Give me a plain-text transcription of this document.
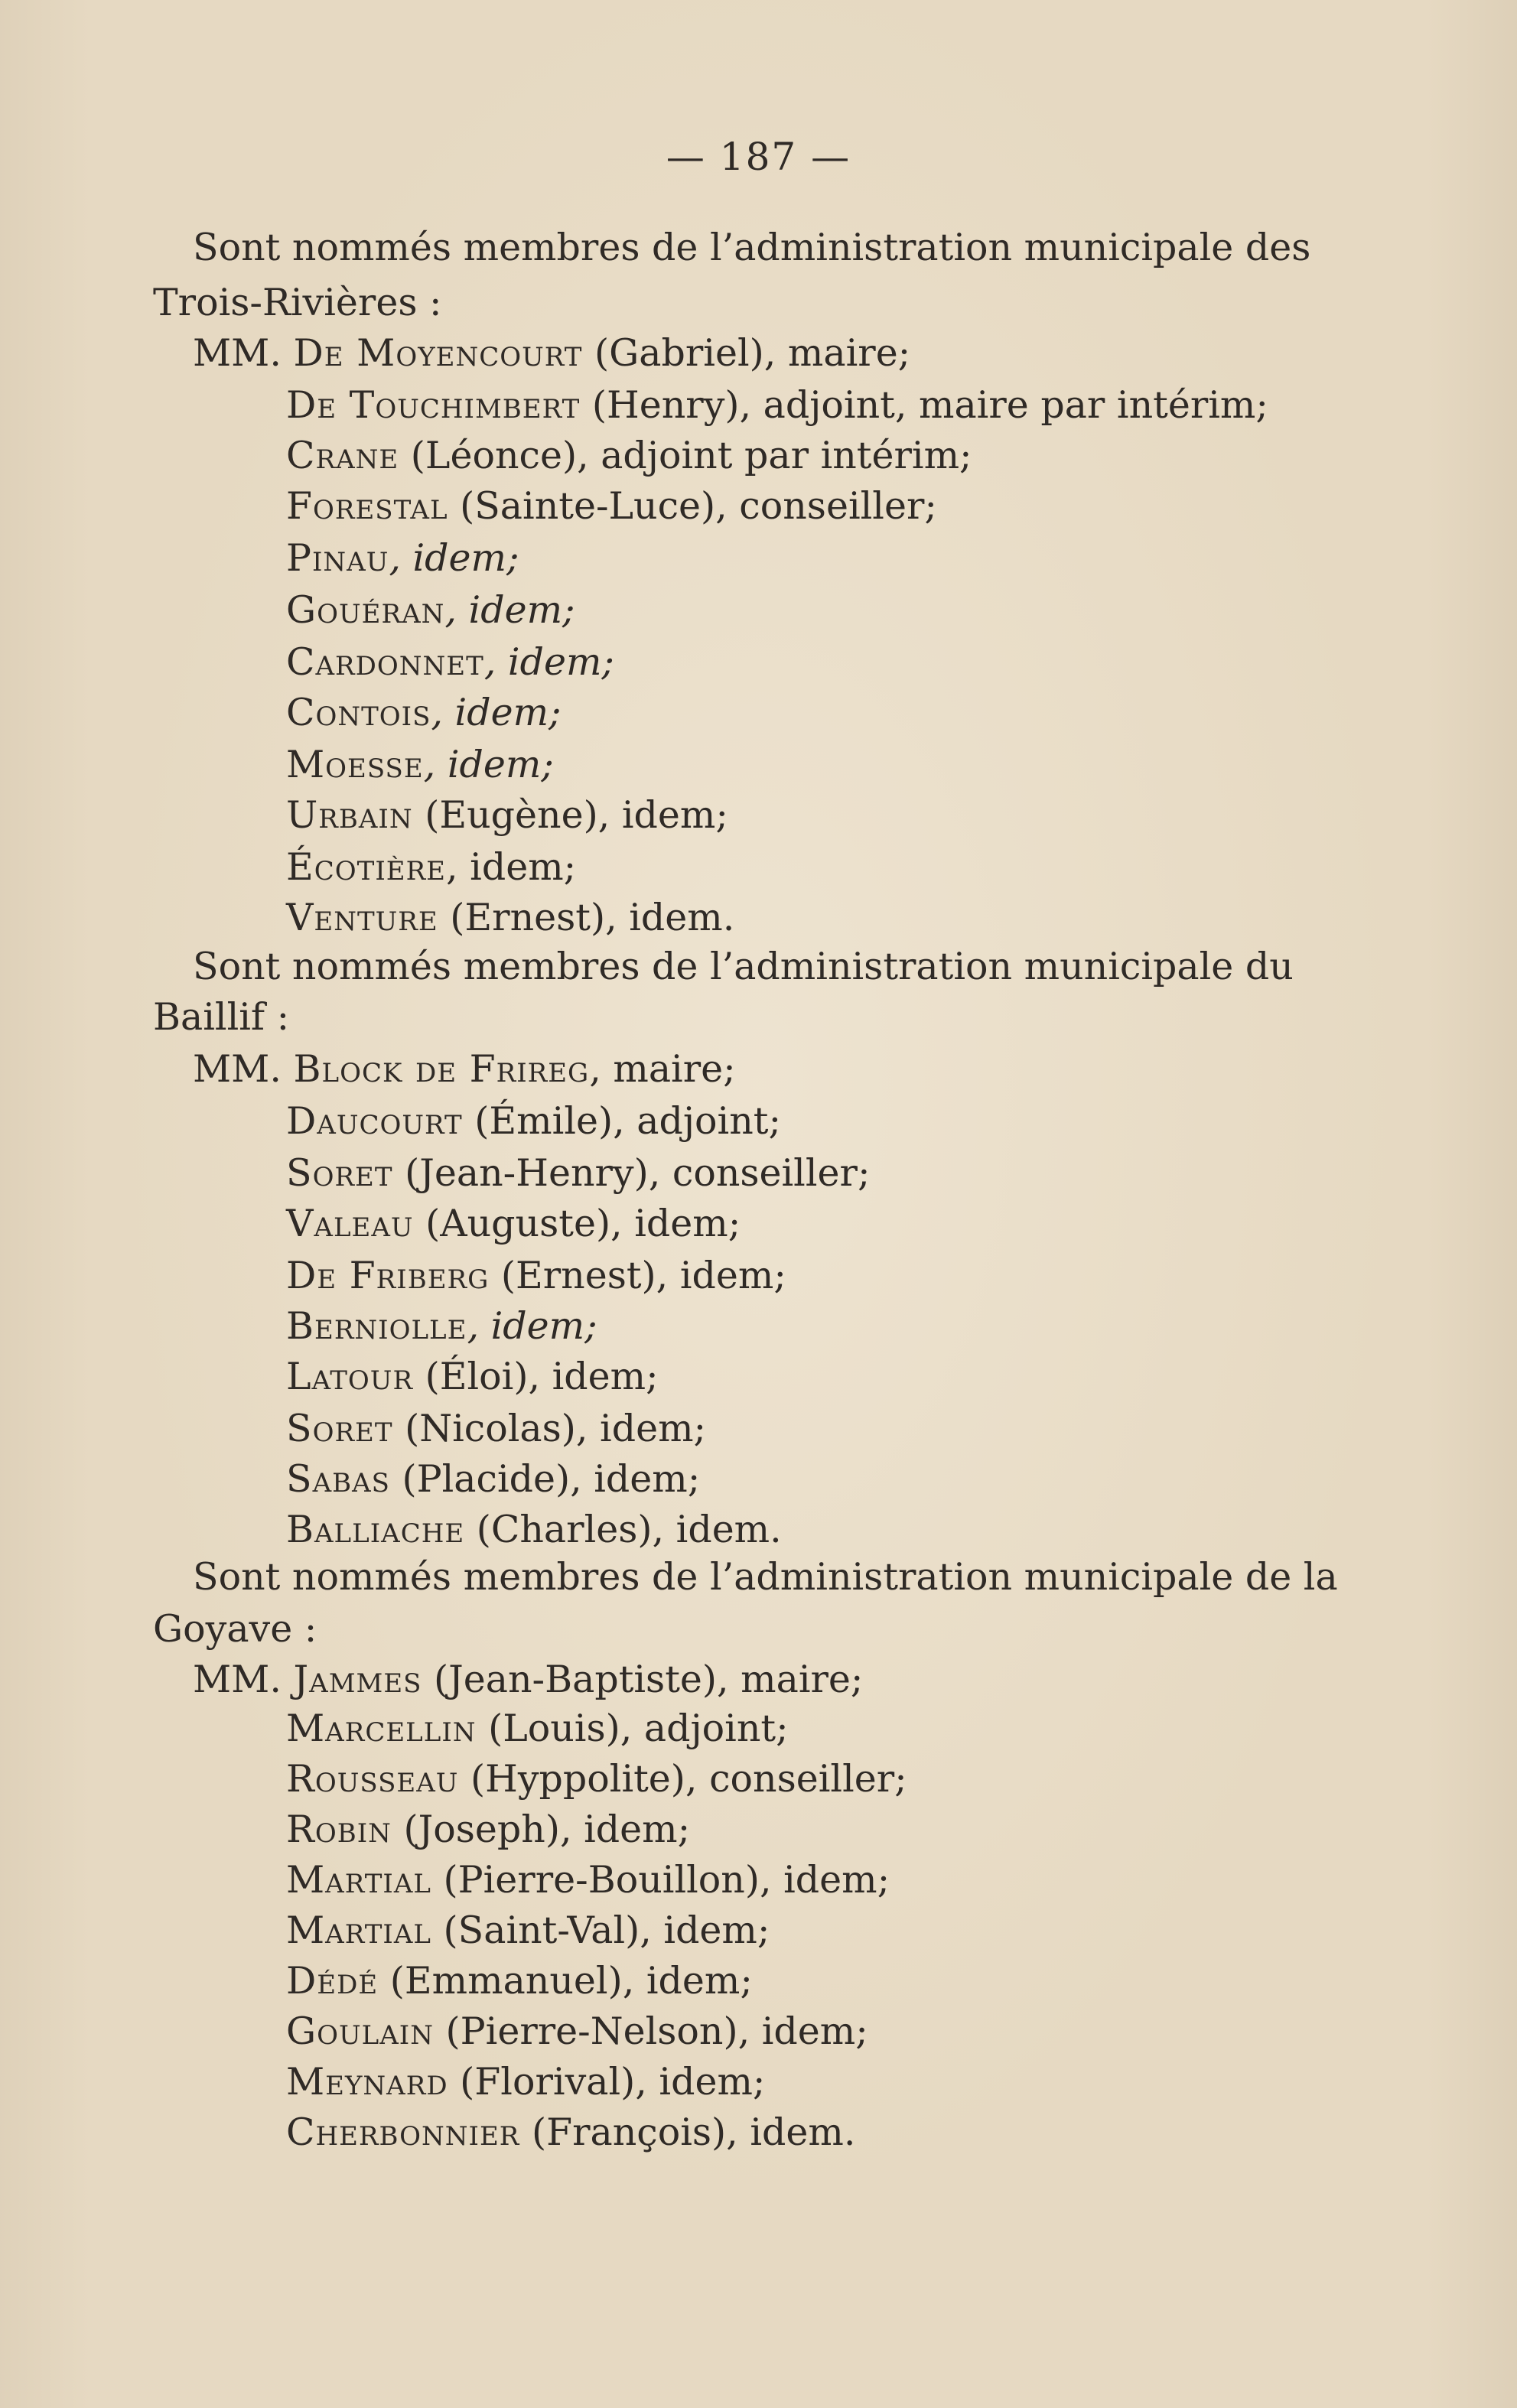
— 187 —
Sont nommés membres de l’administration municipale des
Trois-Rivières :
MM. De Moyencourt (Gabriel), maire;
De Touchimbert (Henry), adjoint, maire par intérim;
Crane (Léonce), adjoint par intérim;
Forestal (Sainte-Luce), conseiller;
Pinau, idem;
Gouéran, idem;
Cardonnet, idem;
Contois, idem;
Moesse, idem;
Urbain (Eugène), idem;
Écotière, idem;
Venture (Ernest), idem.
Sont nommés membres de l’administration municipale du
Baillif :
MM. Block de Frireg, maire;
Daucourt (Émile), adjoint;
Soret (Jean-Henry), conseiller;
Valeau (Auguste), idem;
De Friberg (Ernest), idem;
Berniolle, idem;
Latour (Éloi), idem;
Soret (Nicolas), idem;
Sabas (Placide), idem;
Balliache (Charles), idem.
Sont nommés membres de l’administration municipale de la
Goyave :
MM. Jammes (Jean-Baptiste), maire;
Marcellin (Louis), adjoint;
Rousseau (Hyppolite), conseiller;
Robin (Joseph), idem;
Martial (Pierre-Bouillon), idem;
Martial (Saint-Val), idem;
Dédé (Emmanuel), idem;
Goulain (Pierre-Nelson), idem;
Meynard (Florival), idem;
Cherbonnier (François), idem.
